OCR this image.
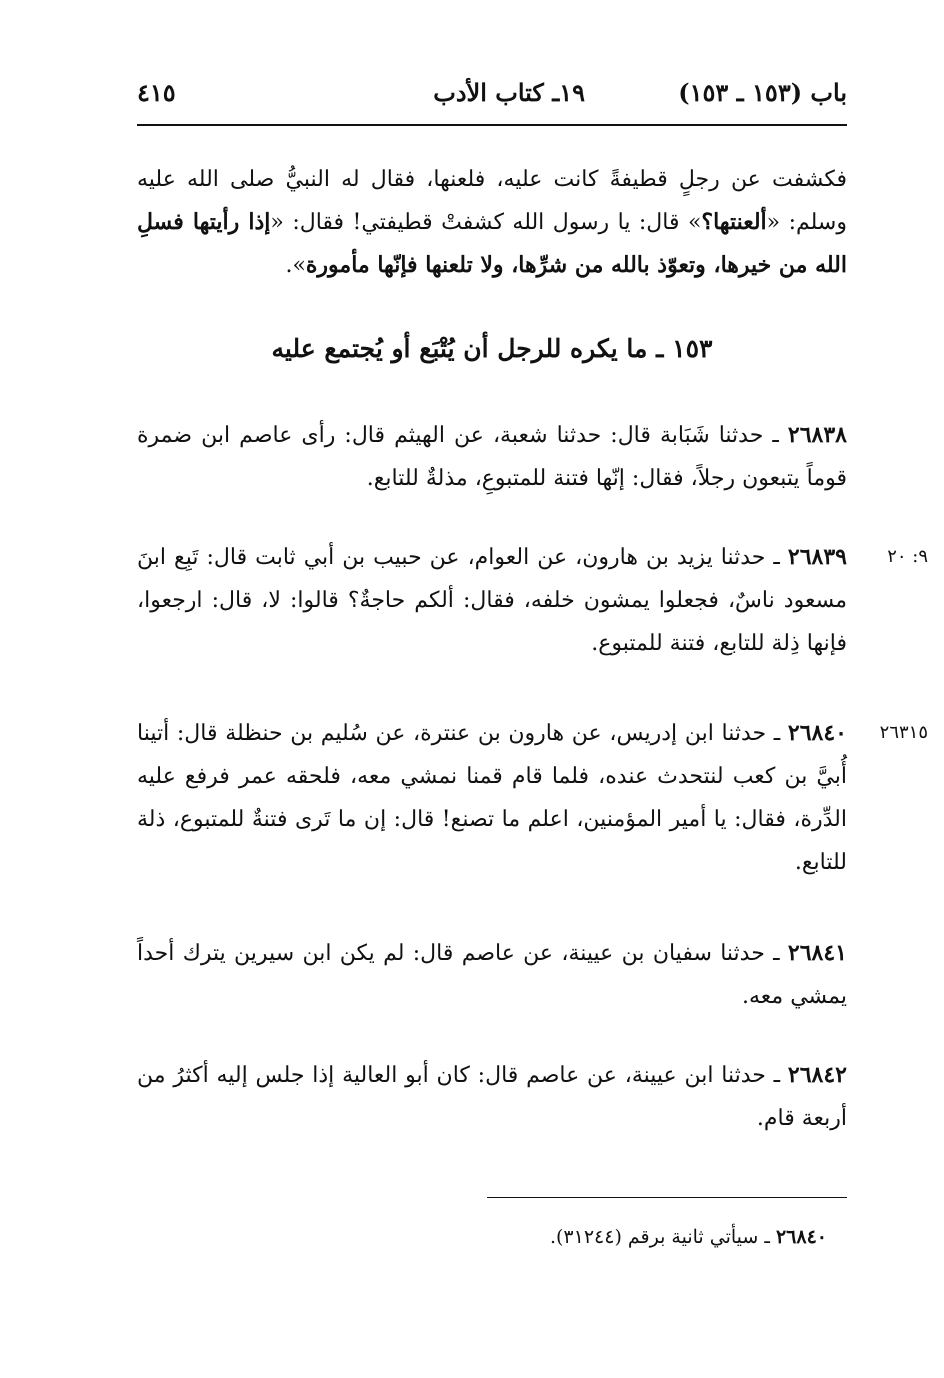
باب (١٥٣ ـ ١٥٣)
١٩ـ كتاب الأدب
٤١٥
فكشفت عن رجلٍ قطيفةً كانت عليه، فلعنها، فقال له النبيُّ صلى الله عليه وسلم: «ألعنتها؟» قال: يا رسول الله كشفتْ قطيفتي! فقال: «إذا رأيتها فسلِ الله من خيرها، وتعوّذ بالله من شرِّها، ولا تلعنها فإنّها مأمورة».
١٥٣ ـ ما يكره للرجل أن يُتْبَع أو يُجتمع عليه
٢٦٨٣٨ ـ حدثنا شَبَابة قال: حدثنا شعبة، عن الهيثم قال: رأى عاصم ابن ضمرة قوماً يتبعون رجلاً، فقال: إنّها فتنة للمتبوعِ، مذلةٌ للتابع.
٩: ٢٠
٢٦٨٣٩ ـ حدثنا يزيد بن هارون، عن العوام، عن حبيب بن أبي ثابت قال: تَبِع ابنَ مسعود ناسٌ، فجعلوا يمشون خلفه، فقال: ألكم حاجةٌ؟ قالوا: لا، قال: ارجعوا، فإنها ذِلة للتابع، فتنة للمتبوع.
٢٦٣١٥
٢٦٨٤٠ ـ حدثنا ابن إدريس، عن هارون بن عنترة، عن سُليم بن حنظلة قال: أتينا أُبيَّ بن كعب لنتحدث عنده، فلما قام قمنا نمشي معه، فلحقه عمر فرفع عليه الدِّرة، فقال: يا أمير المؤمنين، اعلم ما تصنع! قال: إن ما تَرى فتنةٌ للمتبوع، ذلة للتابع.
٢٦٨٤١ ـ حدثنا سفيان بن عيينة، عن عاصم قال: لم يكن ابن سيرين يترك أحداً يمشي معه.
٢٦٨٤٢ ـ حدثنا ابن عيينة، عن عاصم قال: كان أبو العالية إذا جلس إليه أكثرُ من أربعة قام.
٢٦٨٤٠ ـ سيأتي ثانية برقم (٣١٢٤٤).
